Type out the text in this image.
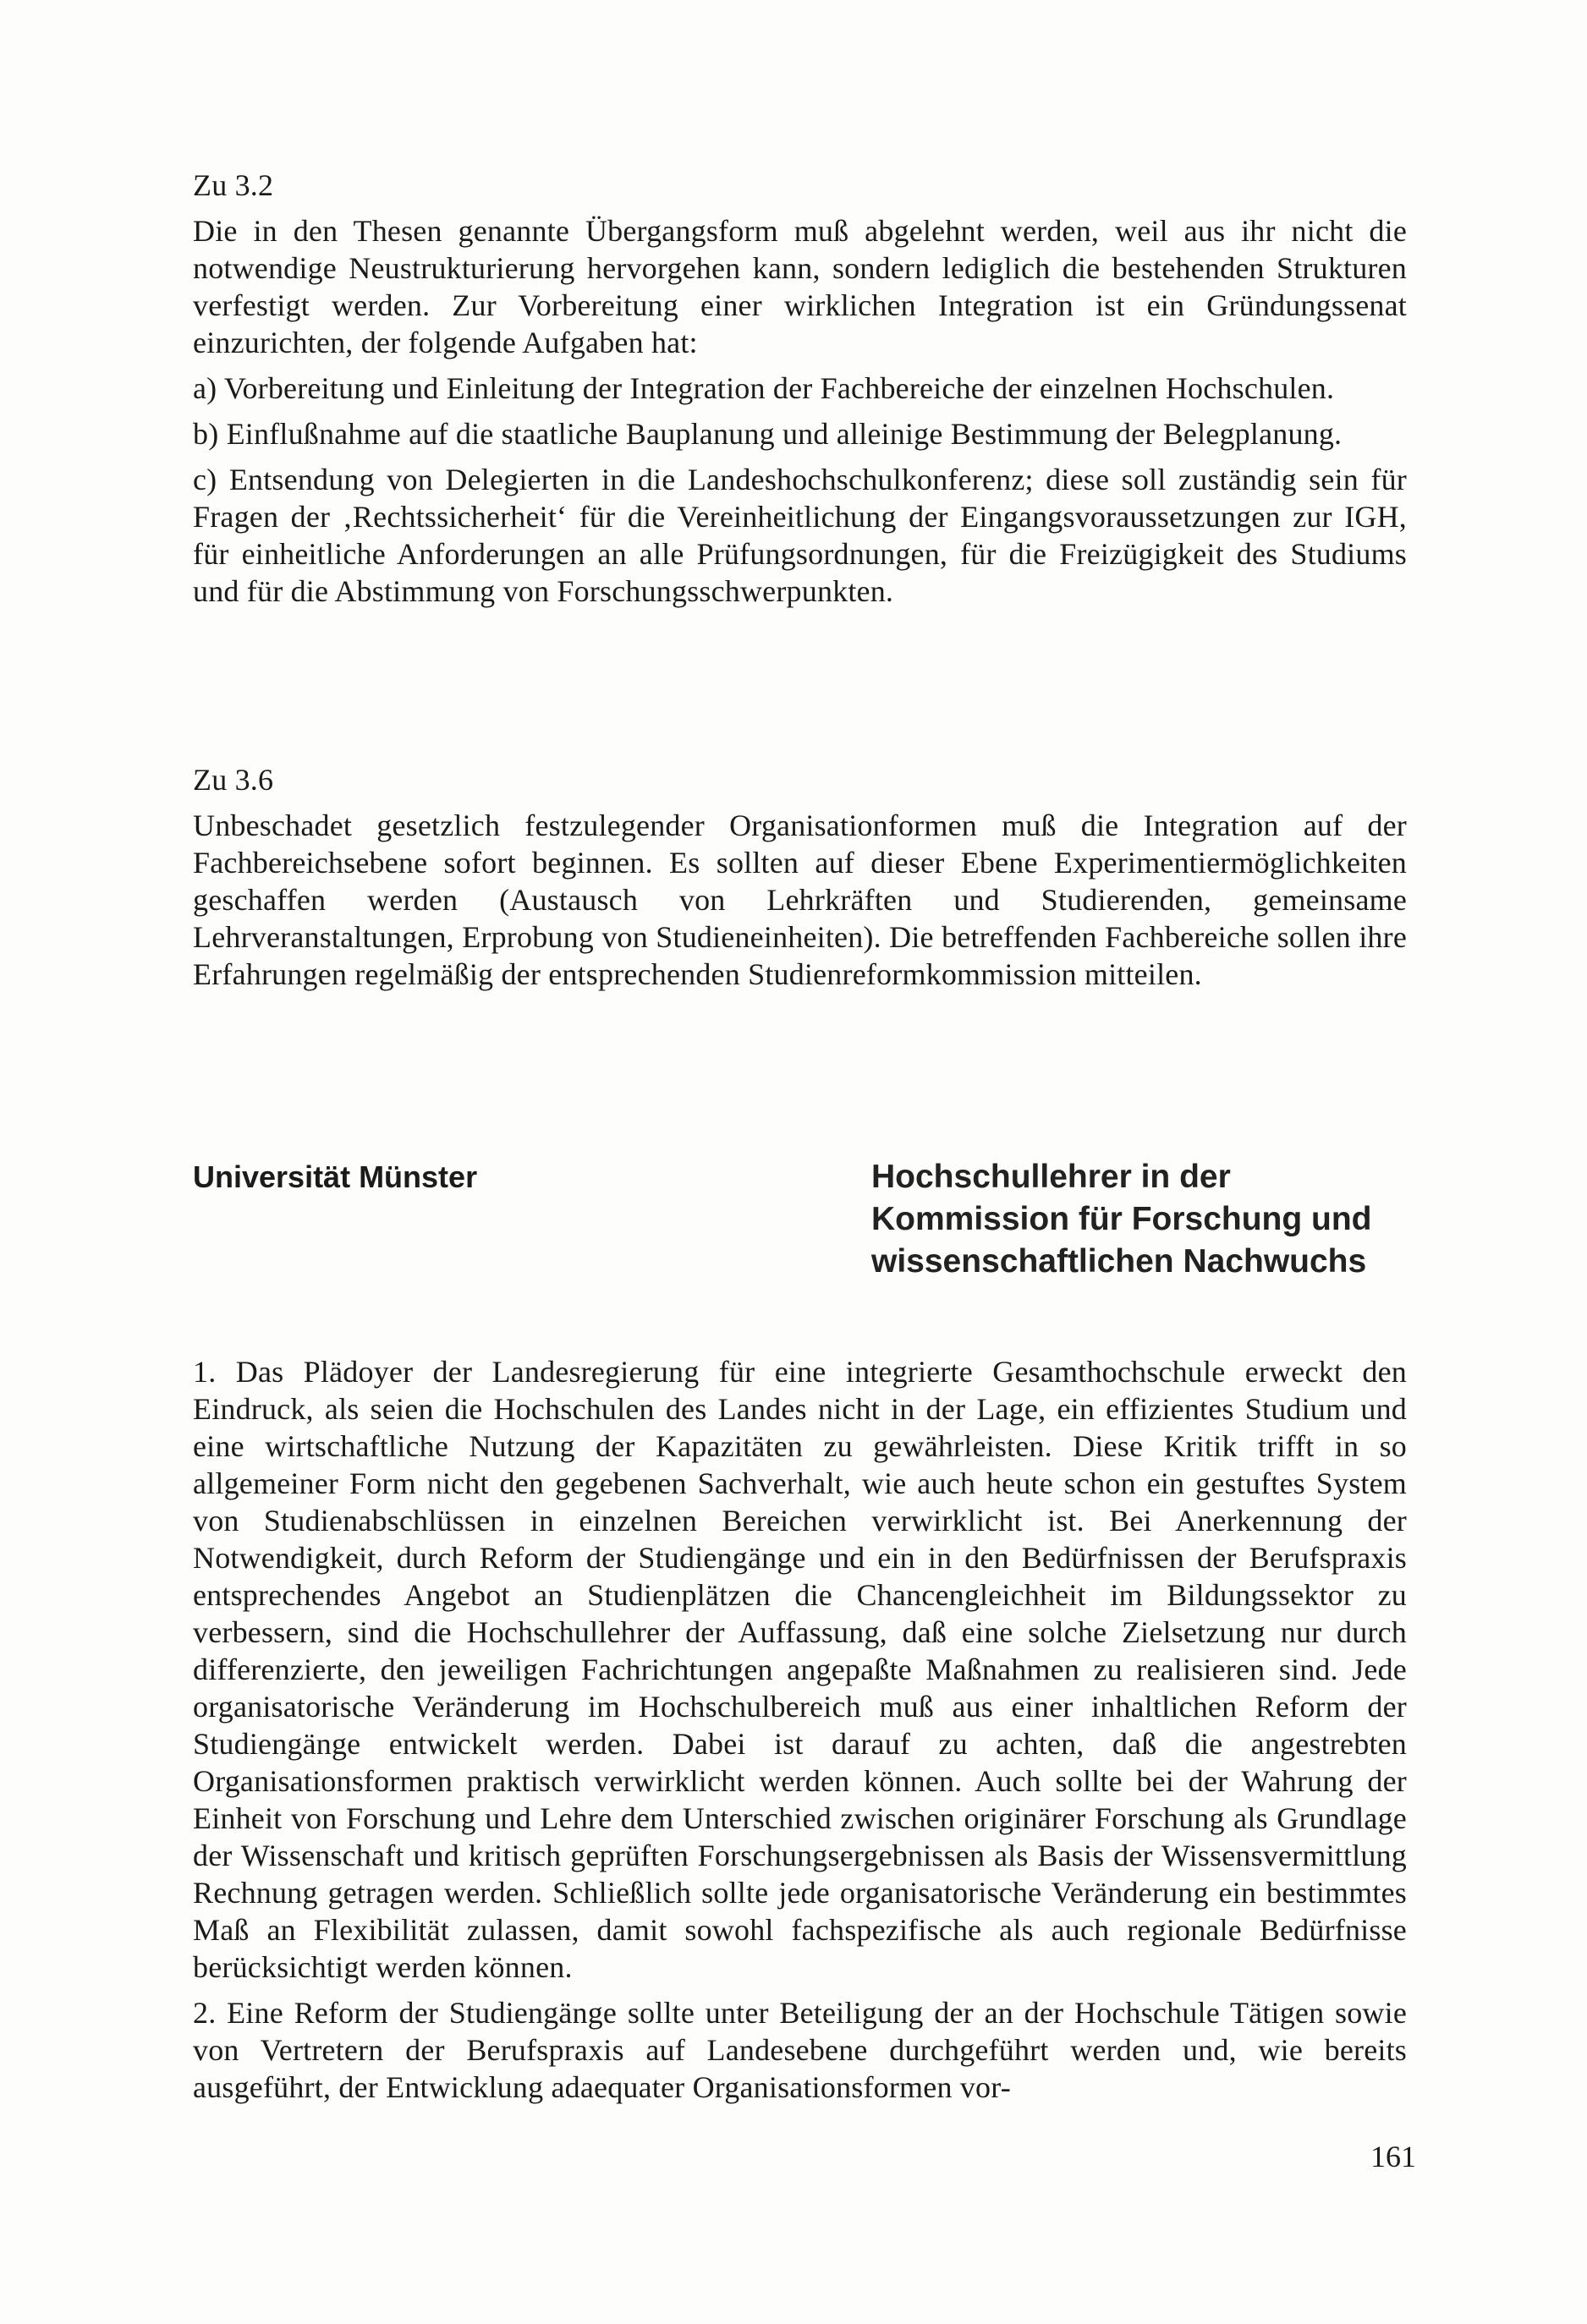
Zu 3.2

Die in den Thesen genannte Übergangsform muß abgelehnt werden, weil aus ihr nicht die notwendige Neustrukturierung hervorgehen kann, sondern lediglich die bestehenden Strukturen verfestigt werden. Zur Vorbereitung einer wirklichen Integration ist ein Gründungssenat einzurichten, der folgende Aufgaben hat:

a) Vorbereitung und Einleitung der Integration der Fachbereiche der einzelnen Hochschulen.

b) Einflußnahme auf die staatliche Bauplanung und alleinige Bestimmung der Belegplanung.

c) Entsendung von Delegierten in die Landeshochschulkonferenz; diese soll zuständig sein für Fragen der ‚Rechtssicherheit‘ für die Vereinheitlichung der Eingangsvoraussetzungen zur IGH, für einheitliche Anforderungen an alle Prüfungsordnungen, für die Freizügigkeit des Studiums und für die Abstimmung von Forschungsschwerpunkten.

Zu 3.6

Unbeschadet gesetzlich festzulegender Organisationformen muß die Integration auf der Fachbereichsebene sofort beginnen. Es sollten auf dieser Ebene Experimentiermöglichkeiten geschaffen werden (Austausch von Lehrkräften und Studierenden, gemeinsame Lehrveranstaltungen, Erprobung von Studieneinheiten). Die betreffenden Fachbereiche sollen ihre Erfahrungen regelmäßig der entsprechenden Studienreformkommission mitteilen.

Universität Münster	Hochschullehrer in der
Kommission für Forschung und
wissenschaftlichen Nachwuchs

1. Das Plädoyer der Landesregierung für eine integrierte Gesamthochschule erweckt den Eindruck, als seien die Hochschulen des Landes nicht in der Lage, ein effizientes Studium und eine wirtschaftliche Nutzung der Kapazitäten zu gewährleisten. Diese Kritik trifft in so allgemeiner Form nicht den gegebenen Sachverhalt, wie auch heute schon ein gestuftes System von Studienabschlüssen in einzelnen Bereichen verwirklicht ist. Bei Anerkennung der Notwendigkeit, durch Reform der Studiengänge und ein in den Bedürfnissen der Berufspraxis entsprechendes Angebot an Studienplätzen die Chancengleichheit im Bildungssektor zu verbessern, sind die Hochschullehrer der Auffassung, daß eine solche Zielsetzung nur durch differenzierte, den jeweiligen Fachrichtungen angepaßte Maßnahmen zu realisieren sind. Jede organisatorische Veränderung im Hochschulbereich muß aus einer inhaltlichen Reform der Studiengänge entwickelt werden. Dabei ist darauf zu achten, daß die angestrebten Organisationsformen praktisch verwirklicht werden können. Auch sollte bei der Wahrung der Einheit von Forschung und Lehre dem Unterschied zwischen originärer Forschung als Grundlage der Wissenschaft und kritisch geprüften Forschungsergebnissen als Basis der Wissensvermittlung Rechnung getragen werden. Schließlich sollte jede organisatorische Veränderung ein bestimmtes Maß an Flexibilität zulassen, damit sowohl fachspezifische als auch regionale Bedürfnisse berücksichtigt werden können.

2. Eine Reform der Studiengänge sollte unter Beteiligung der an der Hochschule Tätigen sowie von Vertretern der Berufspraxis auf Landesebene durchgeführt werden und, wie bereits ausgeführt, der Entwicklung adaequater Organisationsformen vor-

161
